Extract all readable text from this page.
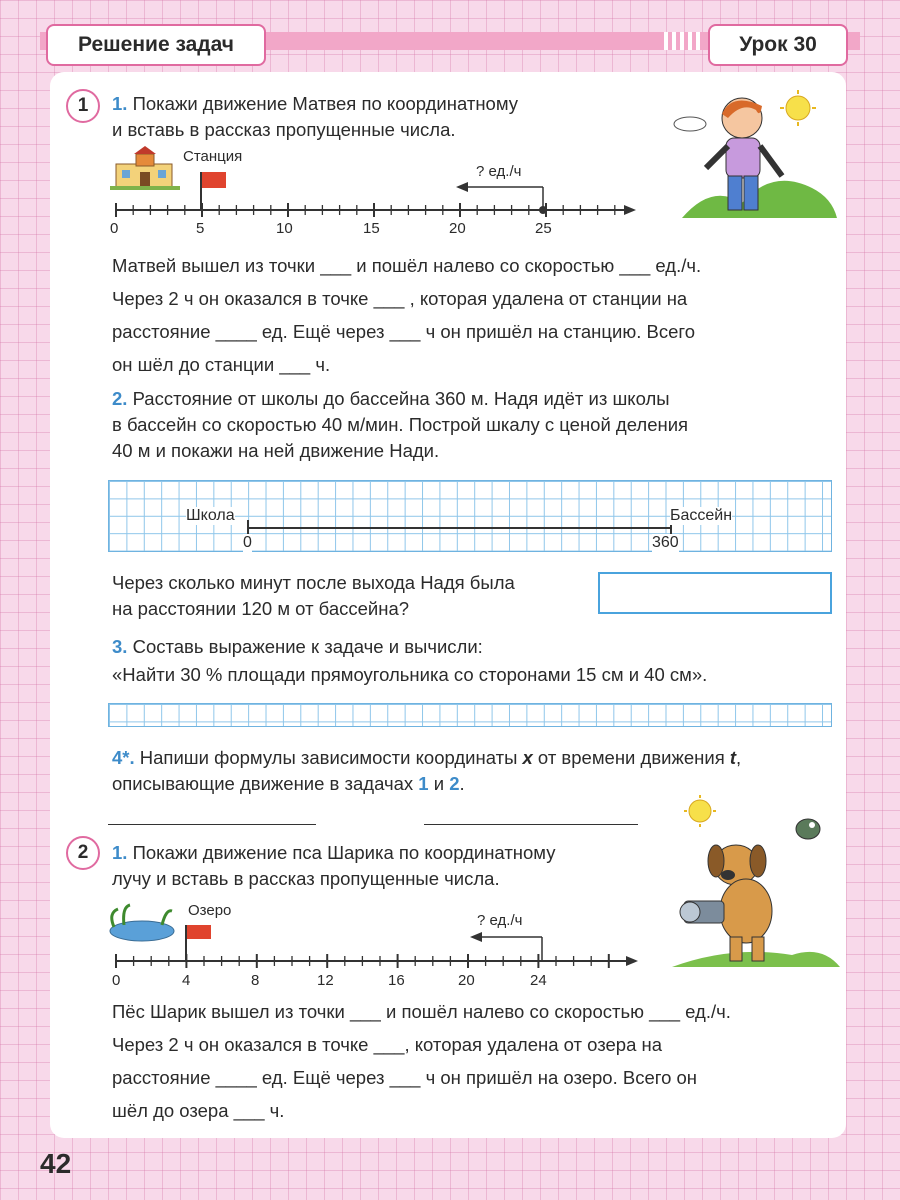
Решение задач	Урок 30
1	1. Покажи движение Матвея по координатному
и вставь в рассказ пропущенные числа.
Станция
? ед./ч
0	5	10	15	20	25
Матвей вышел из точки ___ и пошёл налево со скоростью ___ ед./ч.
Через 2 ч он оказался в точке ___ , которая удалена от станции на
расстояние ____ ед. Ещё через ___ ч он пришёл на станцию. Всего
он шёл до станции ___ ч.
2. Расстояние от школы до бассейна 360 м. Надя идёт из школы
в бассейн со скоростью 40 м/мин. Построй шкалу с ценой деления
40 м и покажи на ней движение Нади.
Школа	Бассейн
0	360
Через сколько минут после выхода Надя была
на расстоянии 120 м от бассейна?
3. Составь выражение к задаче и вычисли:
«Найти 30 % площади прямоугольника со сторонами 15 см и 40 см».
4*. Напиши формулы зависимости координаты x от времени движения t,
описывающие движение в задачах 1 и 2.
2	1. Покажи движение пса Шарика по координатному
лучу и вставь в рассказ пропущенные числа.
Озеро
? ед./ч
0	4	8	12	16	20	24
Пёс Шарик вышел из точки ___ и пошёл налево со скоростью ___ ед./ч.
Через 2 ч он оказался в точке ___, которая удалена от озера на
расстояние ____ ед. Ещё через ___ ч он пришёл на озеро. Всего он
шёл до озера ___ ч.
42
